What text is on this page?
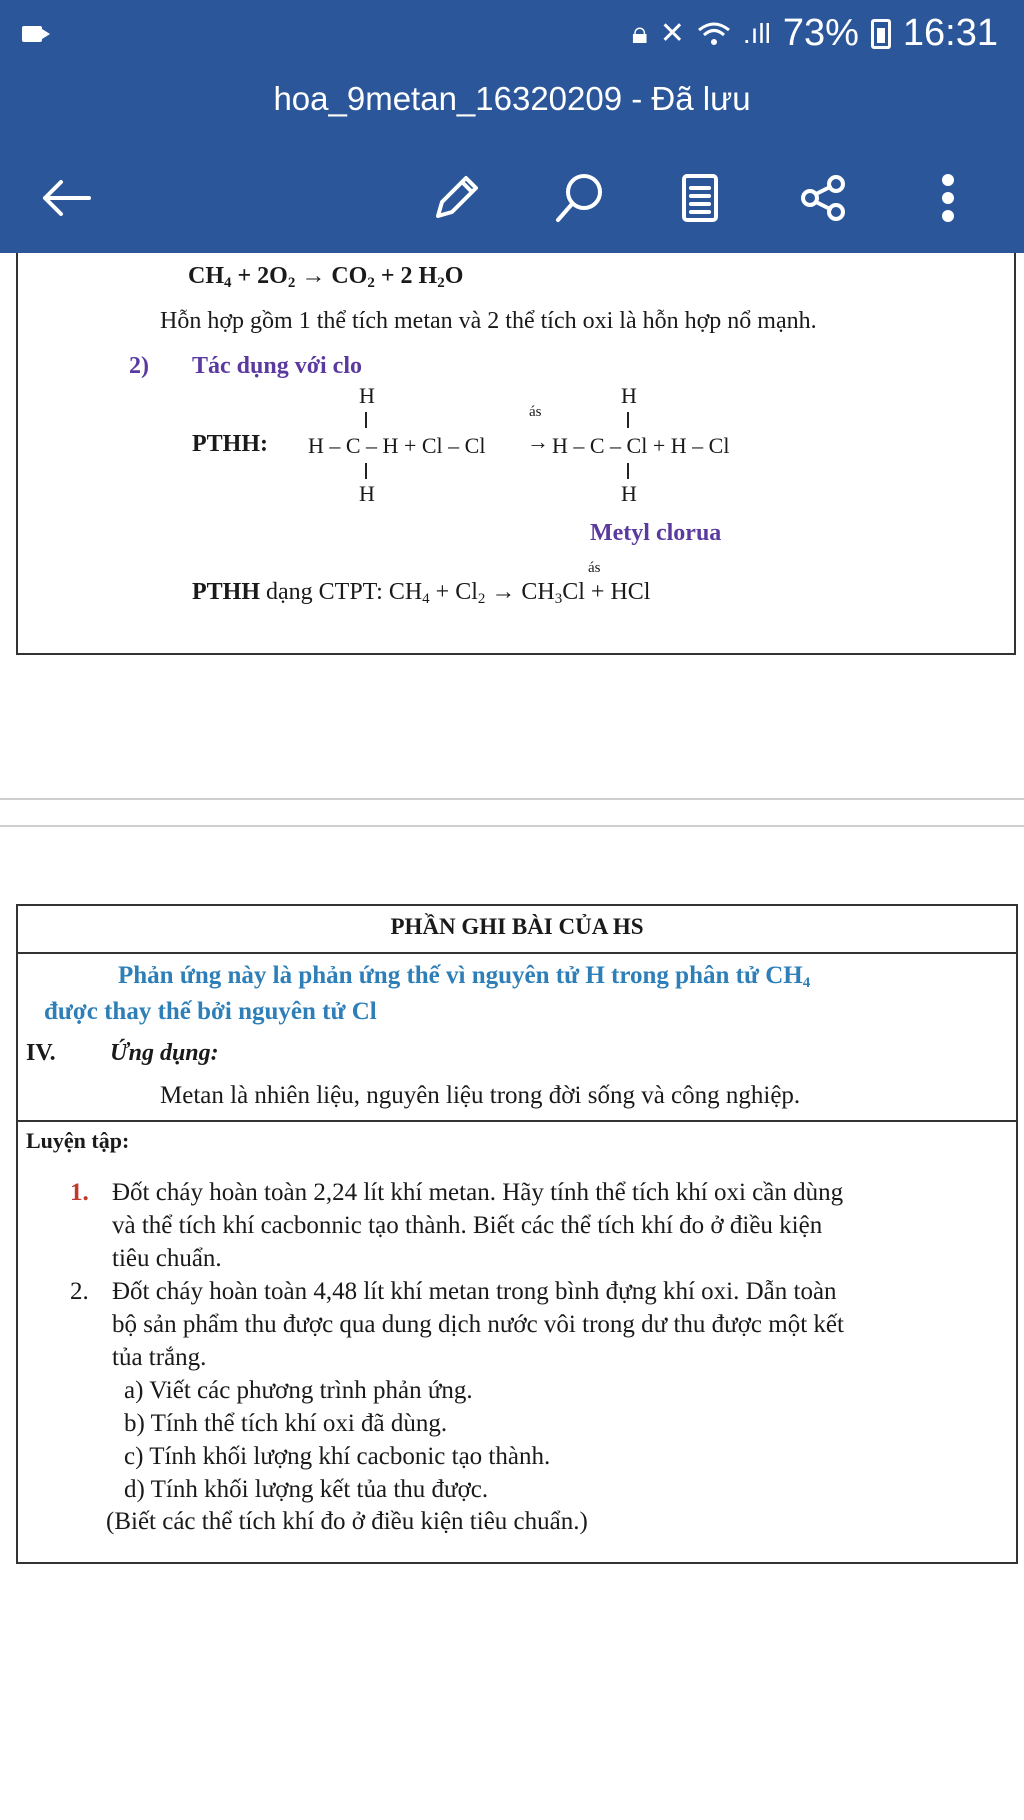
🔒︎ ✕ .ıll 73% 16:31
hoa_9metan_16320209 - Đã lưu
$CH_4 + 2O_2 \to CO_2 + 2$ $H_2O$
Hỗn hợp gồm 1 thể tích metan và 2 thể tích oxi là hỗn hợp nổ mạnh.
2) Tác dụng với clo
PTHH: H – C – H + Cl – Cl
ás
→ H – C – Cl + H – Cl
H
H
H
H
Metyl clorua
PTHH dạng CTPT: $CH_4 + Cl_2 \to CH_3Cl$ + HCl
ás
PHẦN GHI BÀI CỦA HS
Phản ứng này là phản ứng thế vì nguyên tử H trong phân tử $CH_4$
được thay thế bởi nguyên tử Cl
IV. Ứng dụng:
Metan là nhiên liệu, nguyên liệu trong đời sống và công nghiệp.
Luyện tập:
1. Đốt cháy hoàn toàn 2,24 lít khí metan. Hãy tính thể tích khí oxi cần dùng
và thể tích khí cacbonnic tạo thành. Biết các thể tích khí đo ở điều kiện
tiêu chuẩn.
2. Đốt cháy hoàn toàn 4,48 lít khí metan trong bình đựng khí oxi. Dẫn toàn
bộ sản phẩm thu được qua dung dịch nước vôi trong dư thu được một kết
tủa trắng.
a) Viết các phương trình phản ứng.
b) Tính thể tích khí oxi đã dùng.
c) Tính khối lượng khí cacbonic tạo thành.
d) Tính khối lượng kết tủa thu được.
(Biết các thể tích khí đo ở điều kiện tiêu chuẩn.)
